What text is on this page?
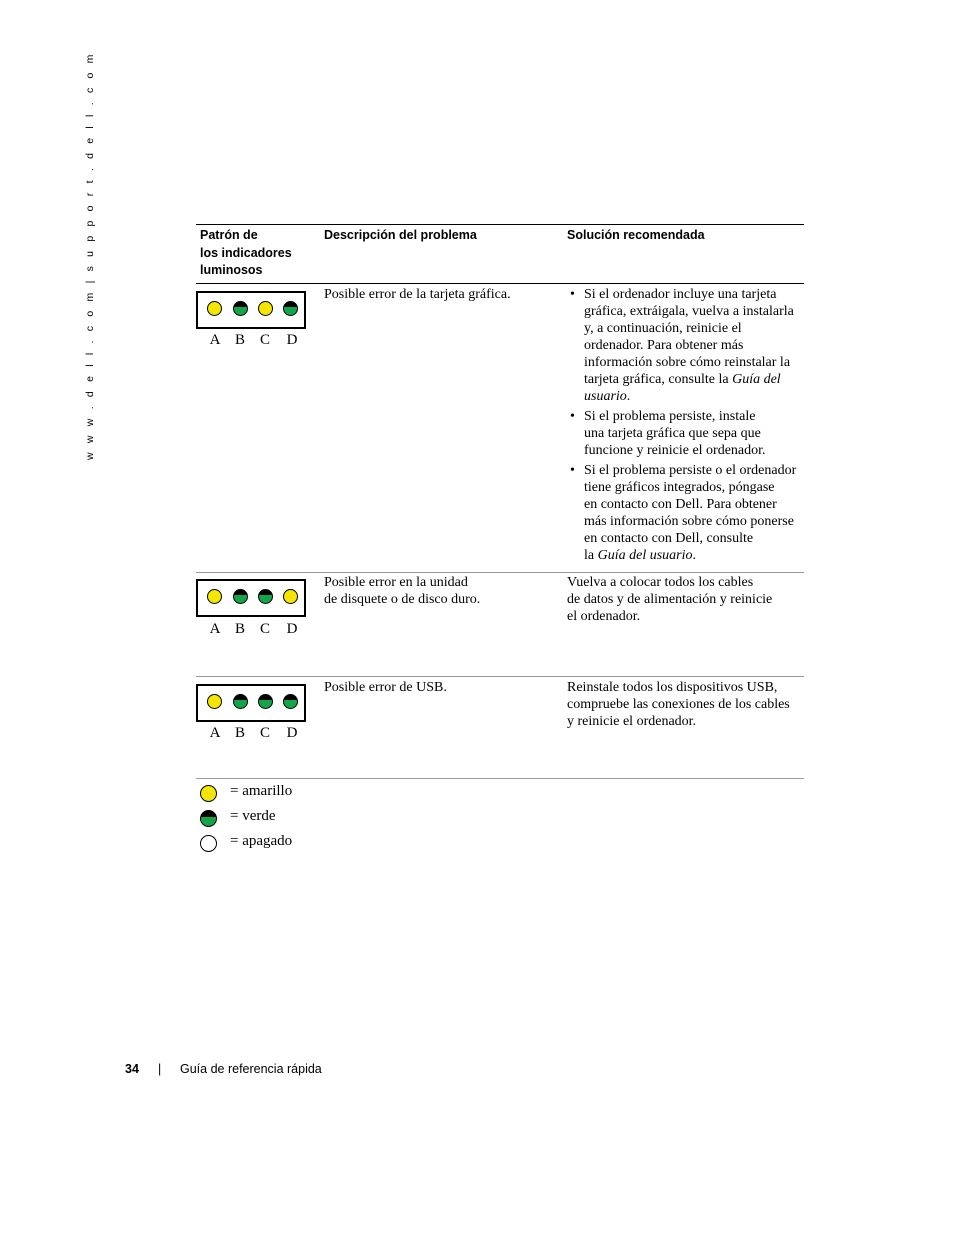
w w w . d e l l . c o m | s u p p o r t . d e l l . c o m	Patrón de
los indicadores
luminosos
Descripción del problema	Solución recomendada
A B C	D
Posible error de la tarjeta gráfica.
•	Si el ordenador incluye una tarjeta
gráfica, extráigala, vuelva a instalarla
y, a continuación, reinicie el
ordenador. Para obtener más
información sobre cómo reinstalar la
tarjeta gráfica, consulte la Guía del
usuario.
• Si el problema persiste, instale
una tarjeta gráfica que sepa que
funcione y reinicie el ordenador.
• Si el problema persiste o el ordenador
tiene gráficos integrados, póngase
en contacto con Dell. Para obtener
más información sobre cómo ponerse
en contacto con Dell, consulte
la Guía del usuario.
A B C	D
Posible error en la unidad
de disquete o de disco duro.
Vuelva a colocar todos los cables
de datos y de alimentación y reinicie
el ordenador.
A B C	D
Posible error de USB.	Reinstale todos los dispositivos USB,
compruebe las conexiones de los cables
y reinicie el ordenador.
= amarillo
= verde
= apagado
34 | Guía de referencia rápida
